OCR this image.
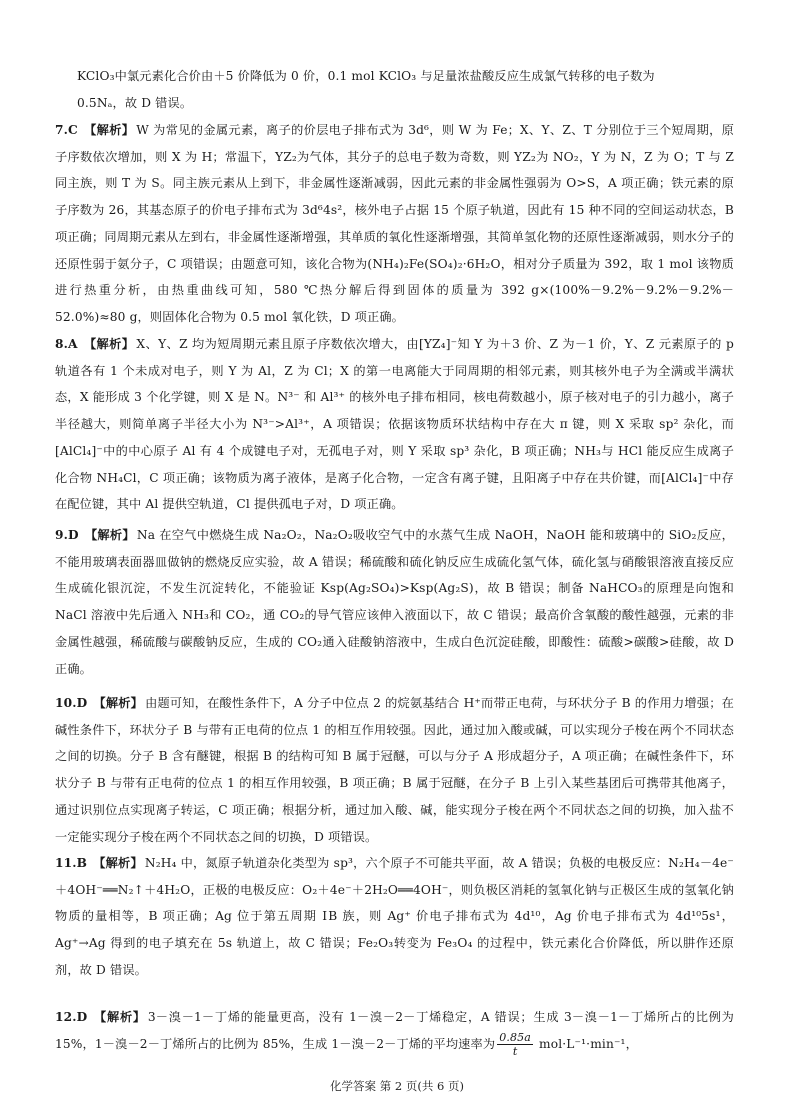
KClO₃中氯元素化合价由＋5 价降低为 0 价，0.1 mol KClO₃ 与足量浓盐酸反应生成氯气转移的电子数为
0.5Nₐ，故 D 错误。
7.C 【解析】 W 为常见的金属元素，离子的价层电子排布式为 3d⁶，则 W 为 Fe；X、Y、Z、T 分别位于三个短周期，原子序数依次增加，则 X 为 H；常温下，YZ₂为气体，其分子的总电子数为奇数，则 YZ₂为 NO₂，Y 为 N，Z 为 O；T 与 Z 同主族，则 T 为 S。同主族元素从上到下，非金属性逐渐减弱，因此元素的非金属性强弱为 O>S，A 项正确；铁元素的原子序数为 26，其基态原子的价电子排布式为 3d⁶4s²，核外电子占据 15 个原子轨道，因此有 15 种不同的空间运动状态，B 项正确；同周期元素从左到右，非金属性逐渐增强，其单质的氧化性逐渐增强，其简单氢化物的还原性逐渐减弱，则水分子的还原性弱于氨分子，C 项错误；由题意可知，该化合物为(NH₄)₂Fe(SO₄)₂·6H₂O，相对分子质量为 392，取 1 mol 该物质进行热重分析，由热重曲线可知，580 ℃热分解后得到固体的质量为 392 g×(100%－9.2%－9.2%－9.2%－52.0%)≈80 g，则固体化合物为 0.5 mol 氧化铁，D 项正确。
8.A 【解析】 X、Y、Z 均为短周期元素且原子序数依次增大，由[YZ₄]⁻知 Y 为＋3 价、Z 为－1 价，Y、Z 元素原子的 p 轨道各有 1 个未成对电子，则 Y 为 Al，Z 为 Cl；X 的第一电离能大于同周期的相邻元素，则其核外电子为全满或半满状态，X 能形成 3 个化学键，则 X 是 N。N³⁻ 和 Al³⁺ 的核外电子排布相同，核电荷数越小，原子核对电子的引力越小，离子半径越大，则简单离子半径大小为 N³⁻>Al³⁺，A 项错误；依据该物质环状结构中存在大 π 键，则 X 采取 sp² 杂化，而[AlCl₄]⁻中的中心原子 Al 有 4 个成键电子对，无孤电子对，则 Y 采取 sp³ 杂化，B 项正确；NH₃与 HCl 能反应生成离子化合物 NH₄Cl，C 项正确；该物质为离子液体，是离子化合物，一定含有离子键，且阳离子中存在共价键，而[AlCl₄]⁻中存在配位键，其中 Al 提供空轨道，Cl 提供孤电子对，D 项正确。
9.D 【解析】 Na 在空气中燃烧生成 Na₂O₂，Na₂O₂吸收空气中的水蒸气生成 NaOH，NaOH 能和玻璃中的 SiO₂反应，不能用玻璃表面器皿做钠的燃烧反应实验，故 A 错误；稀硫酸和硫化钠反应生成硫化氢气体，硫化氢与硝酸银溶液直接反应生成硫化银沉淀，不发生沉淀转化，不能验证 Ksp(Ag₂SO₄)>Ksp(Ag₂S)，故 B 错误；制备 NaHCO₃的原理是向饱和 NaCl 溶液中先后通入 NH₃和 CO₂，通 CO₂的导气管应该伸入液面以下，故 C 错误；最高价含氧酸的酸性越强，元素的非金属性越强，稀硫酸与碳酸钠反应，生成的 CO₂通入硅酸钠溶液中，生成白色沉淀硅酸，即酸性：硫酸>碳酸>硅酸，故 D 正确。
10.D 【解析】 由题可知，在酸性条件下，A 分子中位点 2 的烷氨基结合 H⁺而带正电荷，与环状分子 B 的作用力增强；在碱性条件下，环状分子 B 与带有正电荷的位点 1 的相互作用较强。因此，通过加入酸或碱，可以实现分子梭在两个不同状态之间的切换。分子 B 含有醚键，根据 B 的结构可知 B 属于冠醚，可以与分子 A 形成超分子，A 项正确；在碱性条件下，环状分子 B 与带有正电荷的位点 1 的相互作用较强，B 项正确；B 属于冠醚，在分子 B 上引入某些基团后可携带其他离子，通过识别位点实现离子转运，C 项正确；根据分析，通过加入酸、碱，能实现分子梭在两个不同状态之间的切换，加入盐不一定能实现分子梭在两个不同状态之间的切换，D 项错误。
11.B 【解析】 N₂H₄ 中，氮原子轨道杂化类型为 sp³，六个原子不可能共平面，故 A 错误；负极的电极反应：N₂H₄－4e⁻＋4OH⁻══N₂↑＋4H₂O，正极的电极反应：O₂＋4e⁻＋2H₂O══4OH⁻，则负极区消耗的氢氧化钠与正极区生成的氢氧化钠物质的量相等，B 项正确；Ag 位于第五周期 ⅠB 族，则 Ag⁺ 价电子排布式为 4d¹⁰，Ag 价电子排布式为 4d¹⁰5s¹，Ag⁺→Ag 得到的电子填充在 5s 轨道上，故 C 错误；Fe₂O₃转变为 Fe₃O₄ 的过程中，铁元素化合价降低，所以肼作还原剂，故 D 错误。
12.D 【解析】 3－溴－1－丁烯的能量更高，没有 1－溴－2－丁烯稳定，A 错误；生成 3－溴－1－丁烯所占的比例为 15%，1－溴－2－丁烯所占的比例为 85%，生成 1－溴－2－丁烯的平均速率为 $\frac{0.85a}{t} mol\cdot L^{-1}\cdot\min^{-1}$，
化学答案 第 2 页(共 6 页)
